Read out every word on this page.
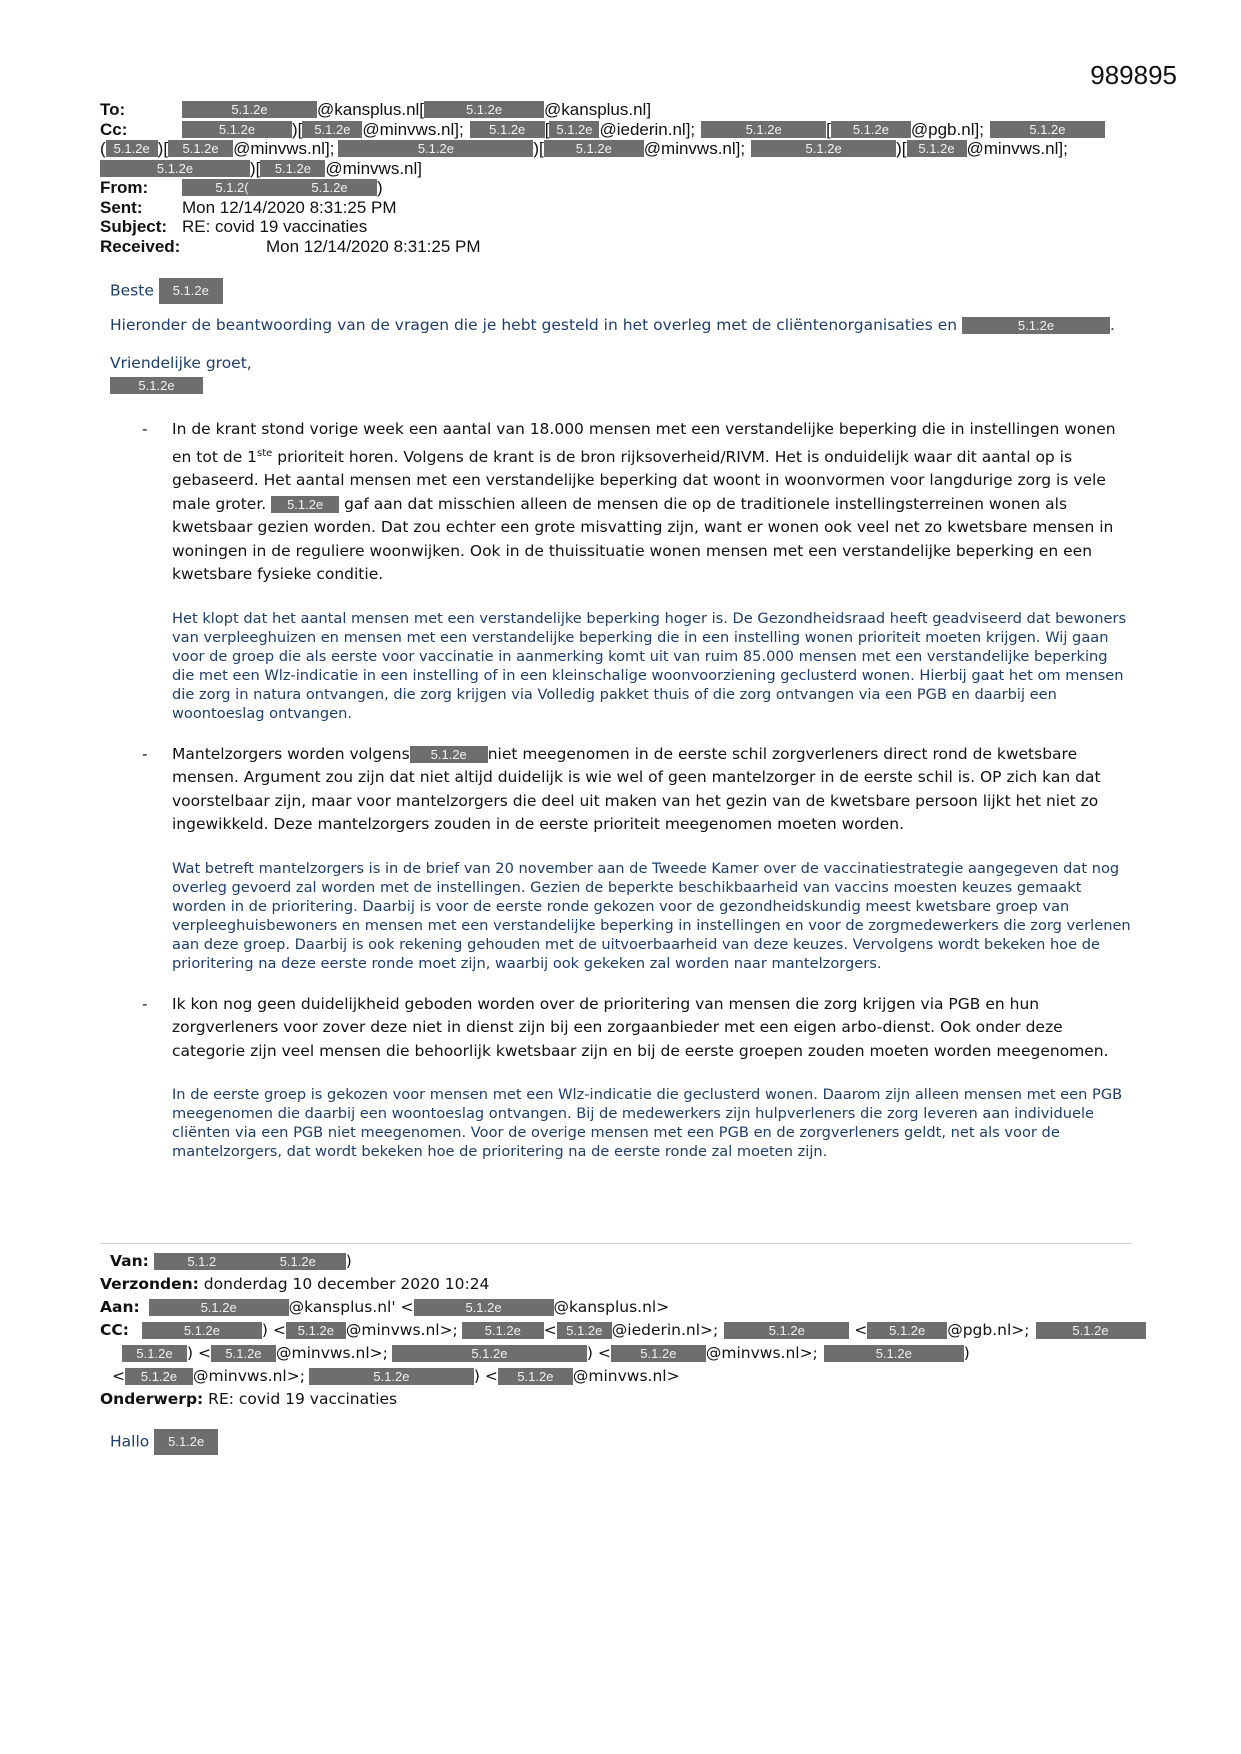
989895
To:	5.1.2e	@kansplus.nl[	5.1.2e	@kansplus.nl]
Cc:	5.1.2e	)[ 5.1.2e @minvws.nl];	5.1.2e	[ 5.1.2e @iederin.nl];	5.1.2e	[	5.1.2e	@pgb.nl];	5.1.2e
( 5.1.2e )[	5.1.2e @minvws.nl];	5.1.2e	)[	5.1.2e	@minvws.nl];	5.1.2e	)[ 5.1.2e @minvws.nl];
5.1.2e	)[	5.1.2e @minvws.nl]
From:	5.1.2(	5.1.2e	)
Sent:	Mon 12/14/2020 8:31:25 PM
Subject: RE: covid 19 vaccinaties
Received:	Mon 12/14/2020 8:31:25 PM
Beste 5.1.2e
Hieronder de beantwoording van de vragen die je hebt gesteld in het overleg met de cliëntenorganisaties en	5.1.2e	.
Vriendelijke groet,
5.1.2e
- In de krant stond vorige week een aantal van 18.000 mensen met een verstandelijke beperking die in instellingen wonen en tot de 1ste prioriteit horen. Volgens de krant is de bron rijksoverheid/RIVM. Het is onduidelijk waar dit aantal op is gebaseerd. Het aantal mensen met een verstandelijke beperking dat woont in woonvormen voor langdurige zorg is vele male groter. 5.1.2e gaf aan dat misschien alleen de mensen die op de traditionele instellingsterreinen wonen als kwetsbaar gezien worden. Dat zou echter een grote misvatting zijn, want er wonen ook veel net zo kwetsbare mensen in woningen in de reguliere woonwijken. Ook in de thuissituatie wonen mensen met een verstandelijke beperking en een kwetsbare fysieke conditie.
Het klopt dat het aantal mensen met een verstandelijke beperking hoger is. De Gezondheidsraad heeft geadviseerd dat bewoners van verpleeghuizen en mensen met een verstandelijke beperking die in een instelling wonen prioriteit moeten krijgen. Wij gaan voor de groep die als eerste voor vaccinatie in aanmerking komt uit van ruim 85.000 mensen met een verstandelijke beperking die met een Wlz-indicatie in een instelling of in een kleinschalige woonvoorziening geclusterd wonen. Hierbij gaat het om mensen die zorg in natura ontvangen, die zorg krijgen via Volledig pakket thuis of die zorg ontvangen via een PGB en daarbij een woontoeslag ontvangen.
- Mantelzorgers worden volgens 5.1.2e niet meegenomen in de eerste schil zorgverleners direct rond de kwetsbare mensen. Argument zou zijn dat niet altijd duidelijk is wie wel of geen mantelzorger in de eerste schil is. OP zich kan dat voorstelbaar zijn, maar voor mantelzorgers die deel uit maken van het gezin van de kwetsbare persoon lijkt het niet zo ingewikkeld. Deze mantelzorgers zouden in de eerste prioriteit meegenomen moeten worden.
Wat betreft mantelzorgers is in de brief van 20 november aan de Tweede Kamer over de vaccinatiestrategie aangegeven dat nog overleg gevoerd zal worden met de instellingen. Gezien de beperkte beschikbaarheid van vaccins moesten keuzes gemaakt worden in de prioritering. Daarbij is voor de eerste ronde gekozen voor de gezondheidskundig meest kwetsbare groep van verpleeghuisbewoners en mensen met een verstandelijke beperking in instellingen en voor de zorgmedewerkers die zorg verlenen aan deze groep. Daarbij is ook rekening gehouden met de uitvoerbaarheid van deze keuzes. Vervolgens wordt bekeken hoe de prioritering na deze eerste ronde moet zijn, waarbij ook gekeken zal worden naar mantelzorgers.
- Ik kon nog geen duidelijkheid geboden worden over de prioritering van mensen die zorg krijgen via PGB en hun zorgverleners voor zover deze niet in dienst zijn bij een zorgaanbieder met een eigen arbo-dienst. Ook onder deze categorie zijn veel mensen die behoorlijk kwetsbaar zijn en bij de eerste groepen zouden moeten worden meegenomen.
In de eerste groep is gekozen voor mensen met een Wlz-indicatie die geclusterd wonen. Daarom zijn alleen mensen met een PGB meegenomen die daarbij een woontoeslag ontvangen. Bij de medewerkers zijn hulpverleners die zorg leveren aan individuele cliënten via een PGB niet meegenomen. Voor de overige mensen met een PGB en de zorgverleners geldt, net als voor de mantelzorgers, dat wordt bekeken hoe de prioritering na de eerste ronde zal moeten zijn.
Van:	5.1.2	5.1.2e )
Verzonden: donderdag 10 december 2020 10:24
Aan:	5.1.2e	@kansplus.nl' <	5.1.2e	@kansplus.nl>
CC:	5.1.2e	) < 5.1.2e @minvws.nl>; 5.1.2e < 5.1.2e @iederin.nl>;	5.1.2e	< 5.1.2e @pgb.nl>;	5.1.2e
5.1.2e ) < 5.1.2e @minvws.nl>;	5.1.2e	) < 5.1.2e @minvws.nl>;	5.1.2e	)
< 5.1.2e @minvws.nl>;	5.1.2e	) < 5.1.2e @minvws.nl>
Onderwerp: RE: covid 19 vaccinaties
Hallo 5.1.2e
